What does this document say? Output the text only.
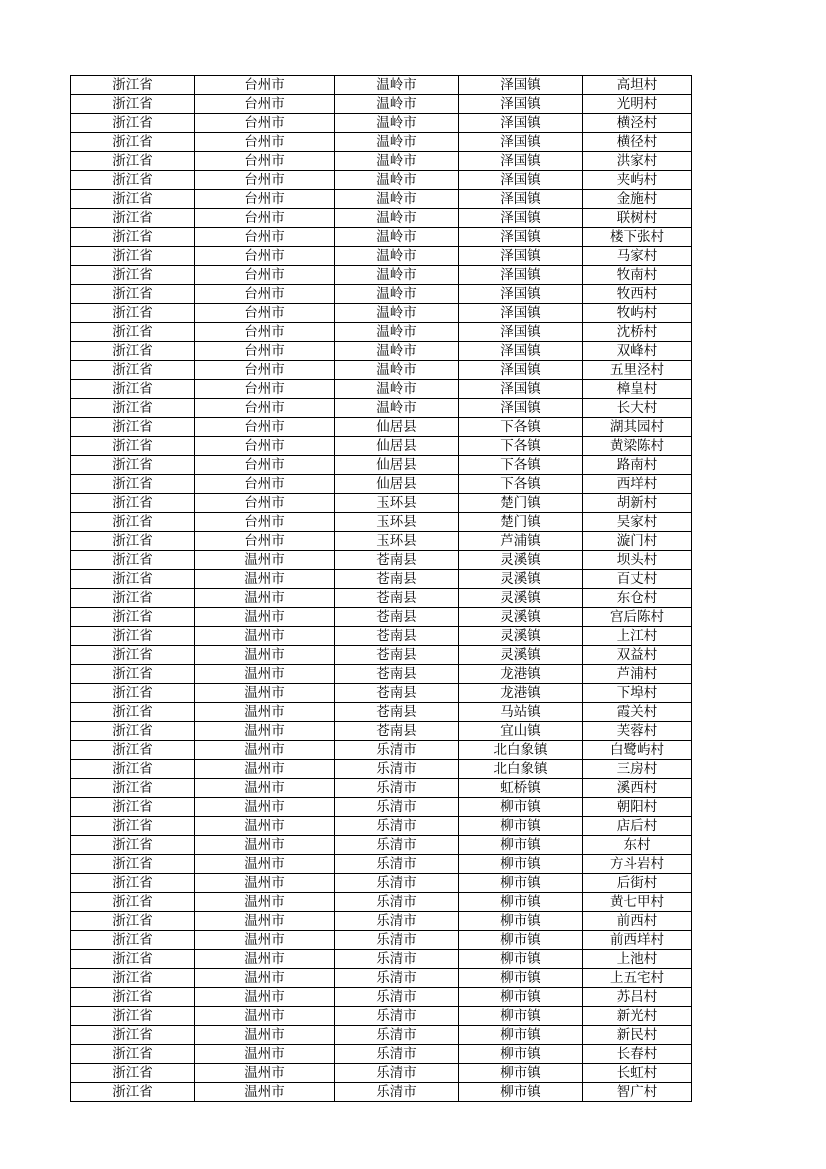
浙江省	台州市	温岭市	泽国镇	高坦村
浙江省	台州市	温岭市	泽国镇	光明村
浙江省	台州市	温岭市	泽国镇	横泾村
浙江省	台州市	温岭市	泽国镇	横径村
浙江省	台州市	温岭市	泽国镇	洪家村
浙江省	台州市	温岭市	泽国镇	夹屿村
浙江省	台州市	温岭市	泽国镇	金施村
浙江省	台州市	温岭市	泽国镇	联树村
浙江省	台州市	温岭市	泽国镇	楼下张村
浙江省	台州市	温岭市	泽国镇	马家村
浙江省	台州市	温岭市	泽国镇	牧南村
浙江省	台州市	温岭市	泽国镇	牧西村
浙江省	台州市	温岭市	泽国镇	牧屿村
浙江省	台州市	温岭市	泽国镇	沈桥村
浙江省	台州市	温岭市	泽国镇	双峰村
浙江省	台州市	温岭市	泽国镇	五里泾村
浙江省	台州市	温岭市	泽国镇	樟皇村
浙江省	台州市	温岭市	泽国镇	长大村
浙江省	台州市	仙居县	下各镇	湖其园村
浙江省	台州市	仙居县	下各镇	黄梁陈村
浙江省	台州市	仙居县	下各镇	路南村
浙江省	台州市	仙居县	下各镇	西垟村
浙江省	台州市	玉环县	楚门镇	胡新村
浙江省	台州市	玉环县	楚门镇	吴家村
浙江省	台州市	玉环县	芦浦镇	漩门村
浙江省	温州市	苍南县	灵溪镇	坝头村
浙江省	温州市	苍南县	灵溪镇	百丈村
浙江省	温州市	苍南县	灵溪镇	东仓村
浙江省	温州市	苍南县	灵溪镇	宫后陈村
浙江省	温州市	苍南县	灵溪镇	上江村
浙江省	温州市	苍南县	灵溪镇	双益村
浙江省	温州市	苍南县	龙港镇	芦浦村
浙江省	温州市	苍南县	龙港镇	下埠村
浙江省	温州市	苍南县	马站镇	霞关村
浙江省	温州市	苍南县	宜山镇	芙蓉村
浙江省	温州市	乐清市	北白象镇	白鹭屿村
浙江省	温州市	乐清市	北白象镇	三房村
浙江省	温州市	乐清市	虹桥镇	溪西村
浙江省	温州市	乐清市	柳市镇	朝阳村
浙江省	温州市	乐清市	柳市镇	店后村
浙江省	温州市	乐清市	柳市镇	东村
浙江省	温州市	乐清市	柳市镇	方斗岩村
浙江省	温州市	乐清市	柳市镇	后街村
浙江省	温州市	乐清市	柳市镇	黄七甲村
浙江省	温州市	乐清市	柳市镇	前西村
浙江省	温州市	乐清市	柳市镇	前西垟村
浙江省	温州市	乐清市	柳市镇	上池村
浙江省	温州市	乐清市	柳市镇	上五宅村
浙江省	温州市	乐清市	柳市镇	苏吕村
浙江省	温州市	乐清市	柳市镇	新光村
浙江省	温州市	乐清市	柳市镇	新民村
浙江省	温州市	乐清市	柳市镇	长春村
浙江省	温州市	乐清市	柳市镇	长虹村
浙江省	温州市	乐清市	柳市镇	智广村
